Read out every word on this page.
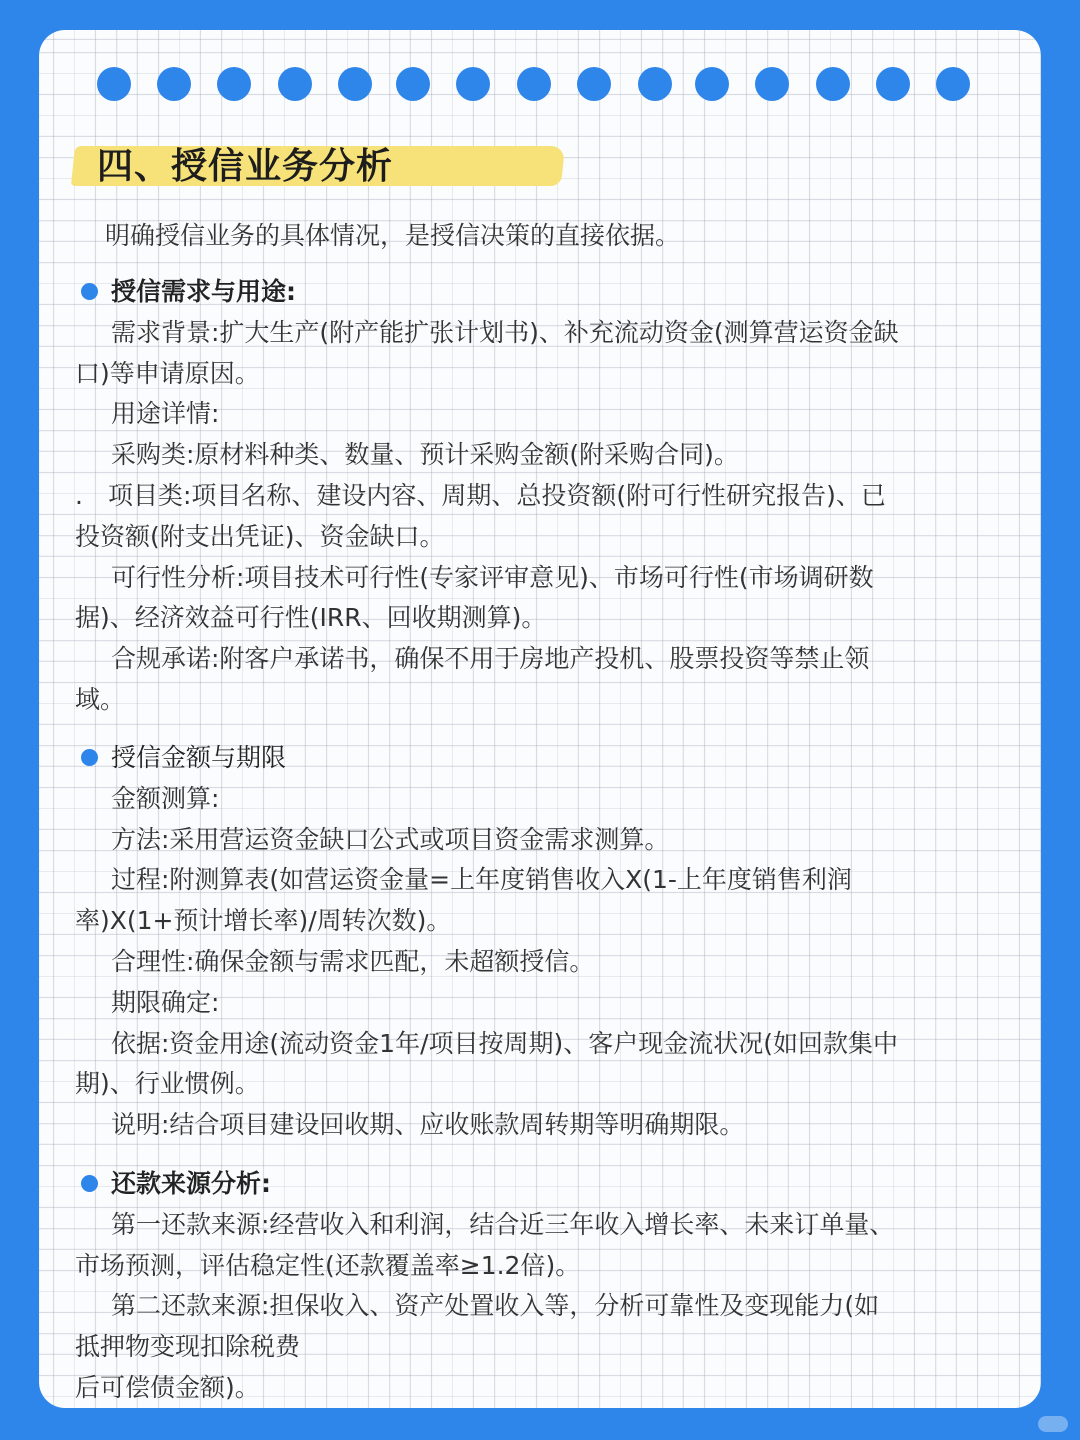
四、授信业务分析
明确授信业务的具体情况，是授信决策的直接依据。
授信需求与用途:
需求背景:扩大生产(附产能扩张计划书)、补充流动资金(测算营运资金缺
口)等申请原因。
用途详情:
采购类:原材料种类、数量、预计采购金额(附采购合同)。
.　项目类:项目名称、建设内容、周期、总投资额(附可行性研究报告)、已
投资额(附支出凭证)、资金缺口。
可行性分析:项目技术可行性(专家评审意见)、市场可行性(市场调研数
据)、经济效益可行性(IRR、回收期测算)。
合规承诺:附客户承诺书，确保不用于房地产投机、股票投资等禁止领
域。
授信金额与期限
金额测算:
方法:采用营运资金缺口公式或项目资金需求测算。
过程:附测算表(如营运资金量=上年度销售收入X(1-上年度销售利润
率)X(1+预计增长率)/周转次数)。
合理性:确保金额与需求匹配，未超额授信。
期限确定:
依据:资金用途(流动资金1年/项目按周期)、客户现金流状况(如回款集中
期)、行业惯例。
说明:结合项目建设回收期、应收账款周转期等明确期限。
还款来源分析:
第一还款来源:经营收入和利润，结合近三年收入增长率、未来订单量、
市场预测，评估稳定性(还款覆盖率≥1.2倍)。
第二还款来源:担保收入、资产处置收入等，分析可靠性及变现能力(如
抵押物变现扣除税费
后可偿债金额)。
